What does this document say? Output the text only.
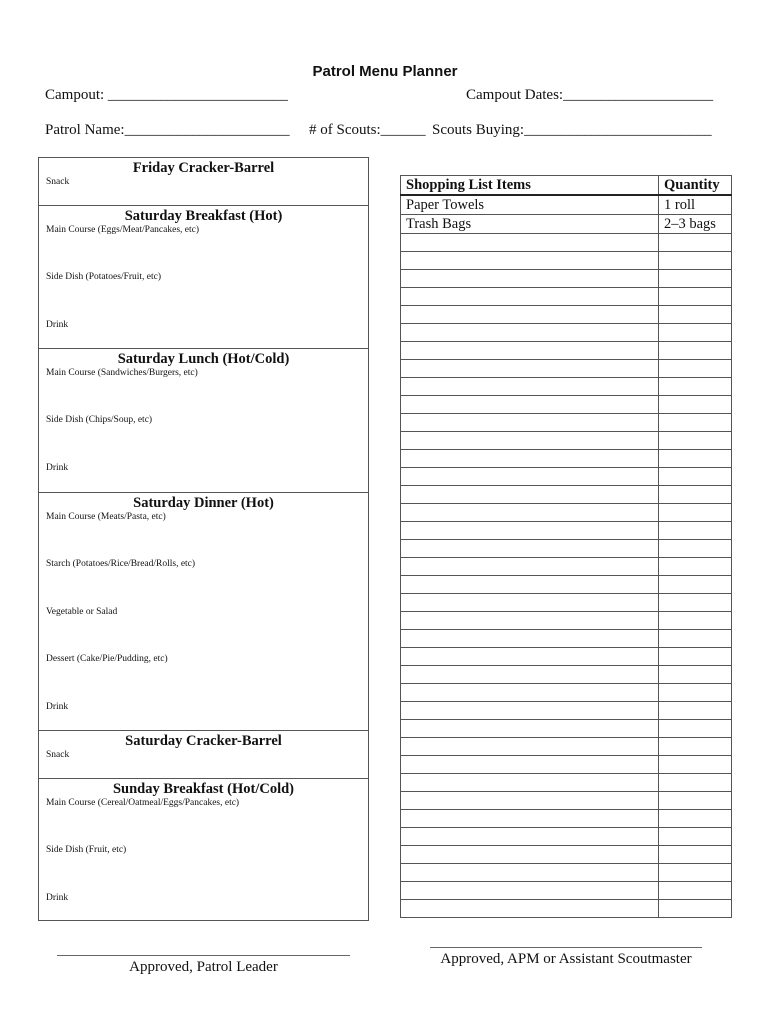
Patrol Menu Planner
Campout: ________________________	Campout Dates:____________________
Patrol Name:______________________ # of Scouts:______ Scouts Buying:_________________________
Friday Cracker-Barrel
Snack
Saturday Breakfast (Hot)
Main Course (Eggs/Meat/Pancakes, etc)
Side Dish (Potatoes/Fruit, etc)
Drink
Saturday Lunch (Hot/Cold)
Main Course (Sandwiches/Burgers, etc)
Side Dish (Chips/Soup, etc)
Drink
Saturday Dinner (Hot)
Main Course (Meats/Pasta, etc)
Starch (Potatoes/Rice/Bread/Rolls, etc)
Vegetable or Salad
Dessert (Cake/Pie/Pudding, etc)
Drink
Saturday Cracker-Barrel
Snack
Sunday Breakfast (Hot/Cold)
Main Course (Cereal/Oatmeal/Eggs/Pancakes, etc)
Side Dish (Fruit, etc)
Drink
Shopping List Items	Quantity
Paper Towels	1 roll
Trash Bags	2–3 bags

Approved, Patrol Leader	Approved, APM or Assistant Scoutmaster
